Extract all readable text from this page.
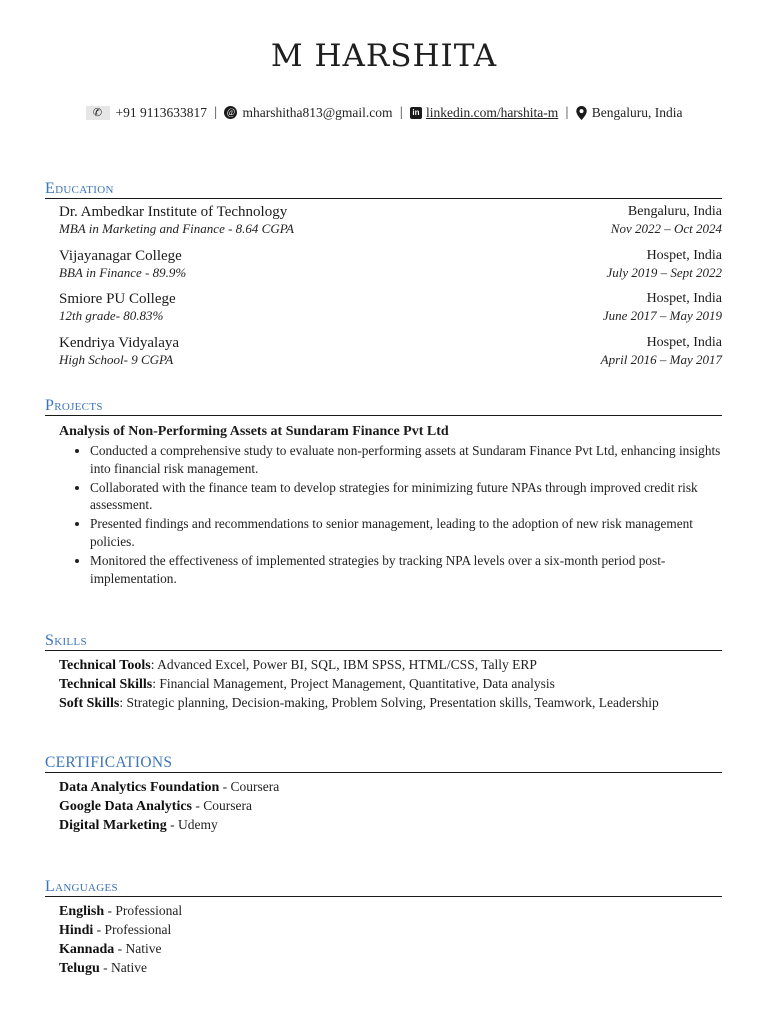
M HARSHITA
✆ +91 9113633817 | @ mharshitha813@gmail.com |	in linkedin.com/harshita-m | Bengaluru, India
Education
Dr. Ambedkar Institute of Technology	Bengaluru, India
MBA in Marketing and Finance - 8.64 CGPA	Nov 2022 – Oct 2024
Vijayanagar College	Hospet, India
BBA in Finance - 89.9%	July 2019 – Sept 2022
Smiore PU College	Hospet, India
12th grade- 80.83%	June 2017 – May 2019
Kendriya Vidyalaya	Hospet, India
High School- 9 CGPA	April 2016 – May 2017
Projects
Analysis of Non-Performing Assets at Sundaram Finance Pvt Ltd
• Conducted a comprehensive study to evaluate non-performing assets at Sundaram Finance Pvt Ltd, enhancing insights into financial risk management.
• Collaborated with the finance team to develop strategies for minimizing future NPAs through improved credit risk assessment.
• Presented findings and recommendations to senior management, leading to the adoption of new risk management policies.
• Monitored the effectiveness of implemented strategies by tracking NPA levels over a six-month period post-implementation.
Skills
Technical Tools: Advanced Excel, Power BI, SQL, IBM SPSS, HTML/CSS, Tally ERP
Technical Skills: Financial Management, Project Management, Quantitative, Data analysis
Soft Skills: Strategic planning, Decision-making, Problem Solving, Presentation skills, Teamwork, Leadership
CERTIFICATIONS
Data Analytics Foundation - Coursera
Google Data Analytics - Coursera
Digital Marketing - Udemy
Languages
English - Professional
Hindi - Professional
Kannada - Native
Telugu - Native
